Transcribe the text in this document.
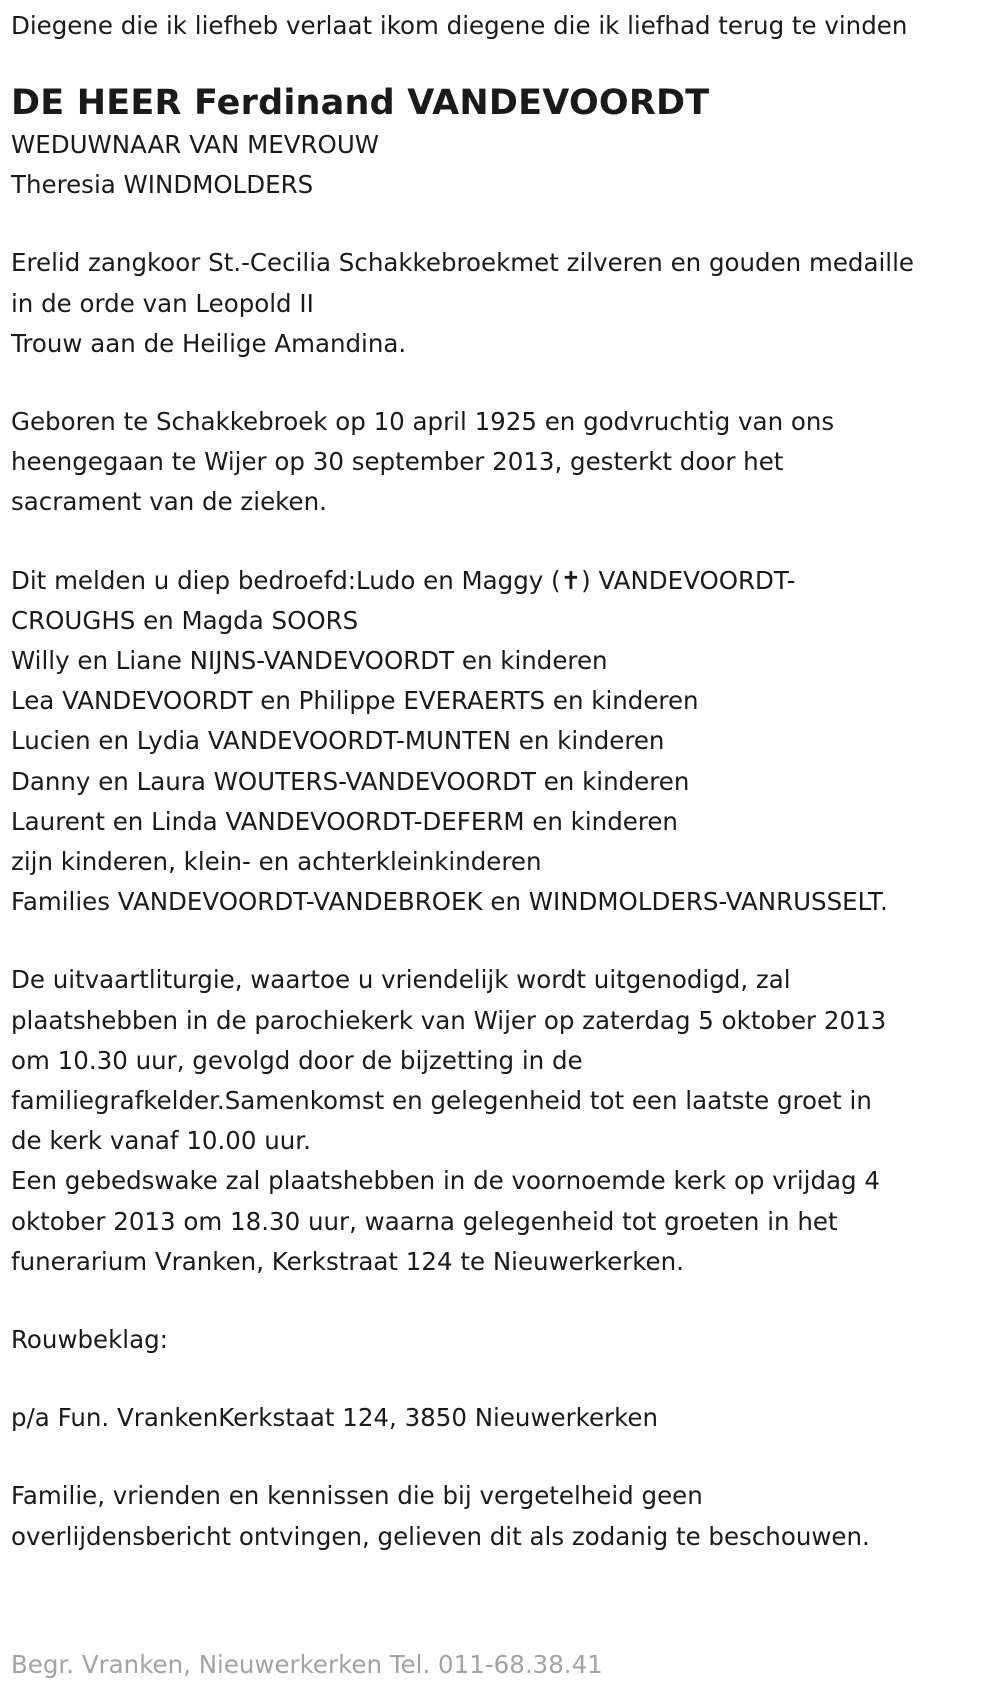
Diegene die ik liefheb verlaat ikom diegene die ik liefhad terug te vinden

DE HEER Ferdinand VANDEVOORDT

WEDUWNAAR VAN MEVROUW

Theresia WINDMOLDERS

Erelid zangkoor St.-Cecilia Schakkebroekmet zilveren en gouden medaille

in de orde van Leopold II

Trouw aan de Heilige Amandina.

Geboren te Schakkebroek op 10 april 1925 en godvruchtig van ons

heengegaan te Wijer op 30 september 2013, gesterkt door het

sacrament van de zieken.

Dit melden u diep bedroefd:Ludo en Maggy (✝) VANDEVOORDT-

CROUGHS en Magda SOORS

Willy en Liane NIJNS-VANDEVOORDT en kinderen

Lea VANDEVOORDT en Philippe EVERAERTS en kinderen

Lucien en Lydia VANDEVOORDT-MUNTEN en kinderen

Danny en Laura WOUTERS-VANDEVOORDT en kinderen

Laurent en Linda VANDEVOORDT-DEFERM en kinderen

zijn kinderen, klein- en achterkleinkinderen

Families VANDEVOORDT-VANDEBROEK en WINDMOLDERS-VANRUSSELT.

De uitvaartliturgie, waartoe u vriendelijk wordt uitgenodigd, zal

plaatshebben in de parochiekerk van Wijer op zaterdag 5 oktober 2013

om 10.30 uur, gevolgd door de bijzetting in de

familiegrafkelder.Samenkomst en gelegenheid tot een laatste groet in

de kerk vanaf 10.00 uur.

Een gebedswake zal plaatshebben in de voornoemde kerk op vrijdag 4

oktober 2013 om 18.30 uur, waarna gelegenheid tot groeten in het

funerarium Vranken, Kerkstraat 124 te Nieuwerkerken.

Rouwbeklag:

p/a Fun. VrankenKerkstaat 124, 3850 Nieuwerkerken

Familie, vrienden en kennissen die bij vergetelheid geen

overlijdensbericht ontvingen, gelieven dit als zodanig te beschouwen.

Begr. Vranken, Nieuwerkerken Tel. 011-68.38.41
